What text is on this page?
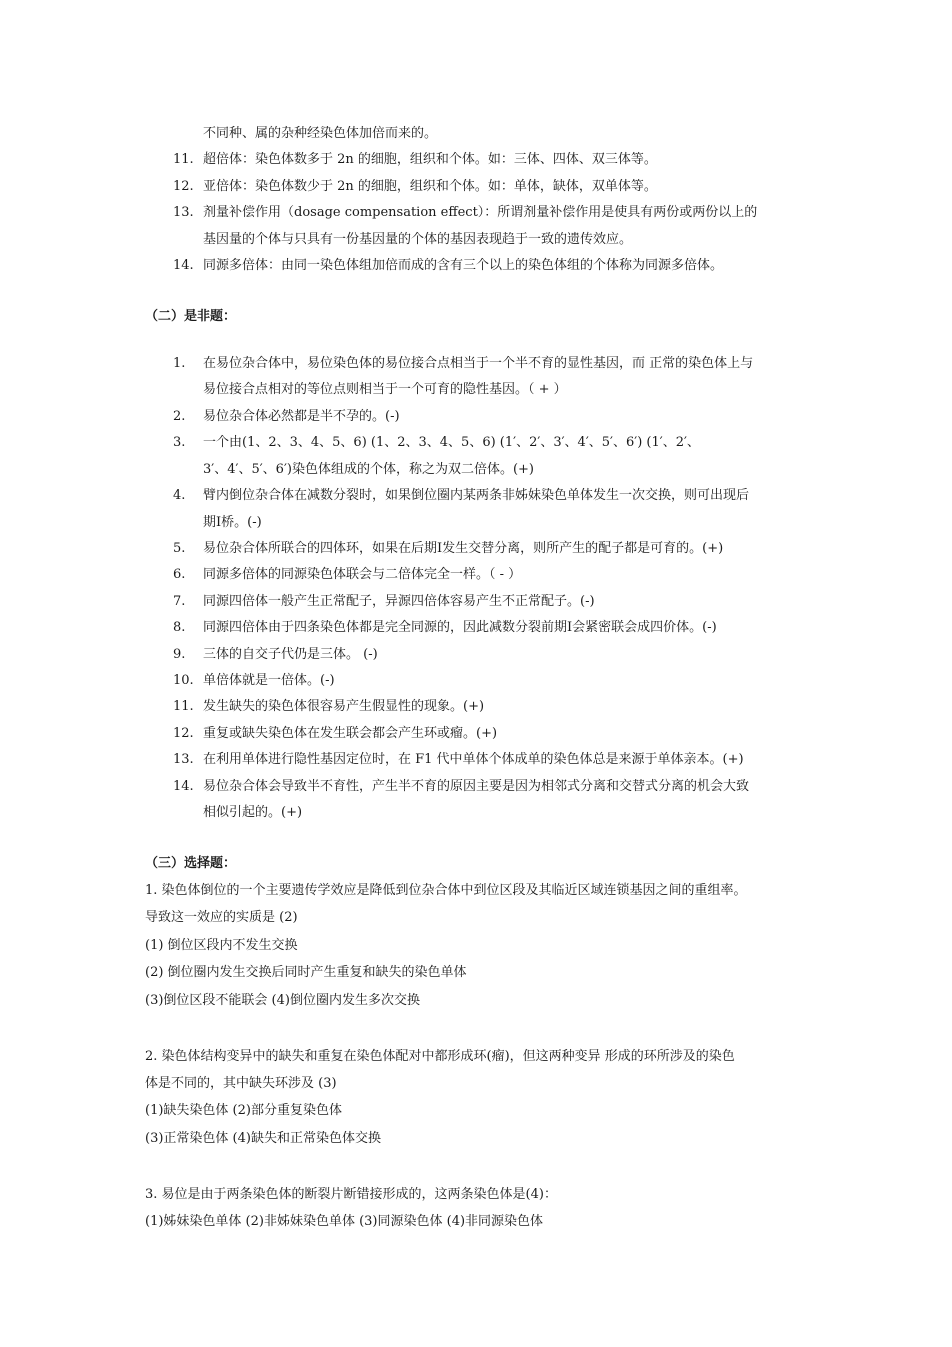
不同种、属的杂种经染色体加倍而来的。
11. 超倍体：染色体数多于 2n 的细胞，组织和个体。如：三体、四体、双三体等。
12. 亚倍体：染色体数少于 2n 的细胞，组织和个体。如：单体，缺体，双单体等。
13. 剂量补偿作用（dosage compensation effect）：所谓剂量补偿作用是使具有两份或两份以上的
基因量的个体与只具有一份基因量的个体的基因表现趋于一致的遗传效应。
14. 同源多倍体：由同一染色体组加倍而成的含有三个以上的染色体组的个体称为同源多倍体。
（二）是非题：
1. 在易位杂合体中，易位染色体的易位接合点相当于一个半不育的显性基因，而 正常的染色体上与
易位接合点相对的等位点则相当于一个可育的隐性基因。（ + ）
2. 易位杂合体必然都是半不孕的。(-)
3. 一个由(1、2、3、4、5、6) (1、2、3、4、5、6) (1′、2′、3′、4′、5′、6′) (1′、2′、
3′、4′、5′、6′)染色体组成的个体，称之为双二倍体。(+)
4. 臂内倒位杂合体在减数分裂时，如果倒位圈内某两条非姊妹染色单体发生一次交换，则可出现后
期Ⅰ桥。(-)
5. 易位杂合体所联合的四体环，如果在后期Ⅰ发生交替分离，则所产生的配子都是可育的。(+)
6. 同源多倍体的同源染色体联会与二倍体完全一样。（ - ）
7. 同源四倍体一般产生正常配子，异源四倍体容易产生不正常配子。(-)
8. 同源四倍体由于四条染色体都是完全同源的，因此减数分裂前期Ⅰ会紧密联会成四价体。(-)
9. 三体的自交子代仍是三体。 (-)
10. 单倍体就是一倍体。(-)
11. 发生缺失的染色体很容易产生假显性的现象。(+)
12. 重复或缺失染色体在发生联会都会产生环或瘤。(+)
13. 在利用单体进行隐性基因定位时，在 F1 代中单体个体成单的染色体总是来源于单体亲本。(+)
14. 易位杂合体会导致半不育性，产生半不育的原因主要是因为相邻式分离和交替式分离的机会大致
相似引起的。(+)
（三）选择题：
1. 染色体倒位的一个主要遗传学效应是降低到位杂合体中到位区段及其临近区域连锁基因之间的重组率。
导致这一效应的实质是 (2)
(1) 倒位区段内不发生交换
(2) 倒位圈内发生交换后同时产生重复和缺失的染色单体
(3)倒位区段不能联会 (4)倒位圈内发生多次交换
2. 染色体结构变异中的缺失和重复在染色体配对中都形成环(瘤)，但这两种变异 形成的环所涉及的染色
体是不同的，其中缺失环涉及 (3)
(1)缺失染色体 (2)部分重复染色体
(3)正常染色体 (4)缺失和正常染色体交换
3. 易位是由于两条染色体的断裂片断错接形成的，这两条染色体是(4)：
(1)姊妹染色单体 (2)非姊妹染色单体 (3)同源染色体 (4)非同源染色体
